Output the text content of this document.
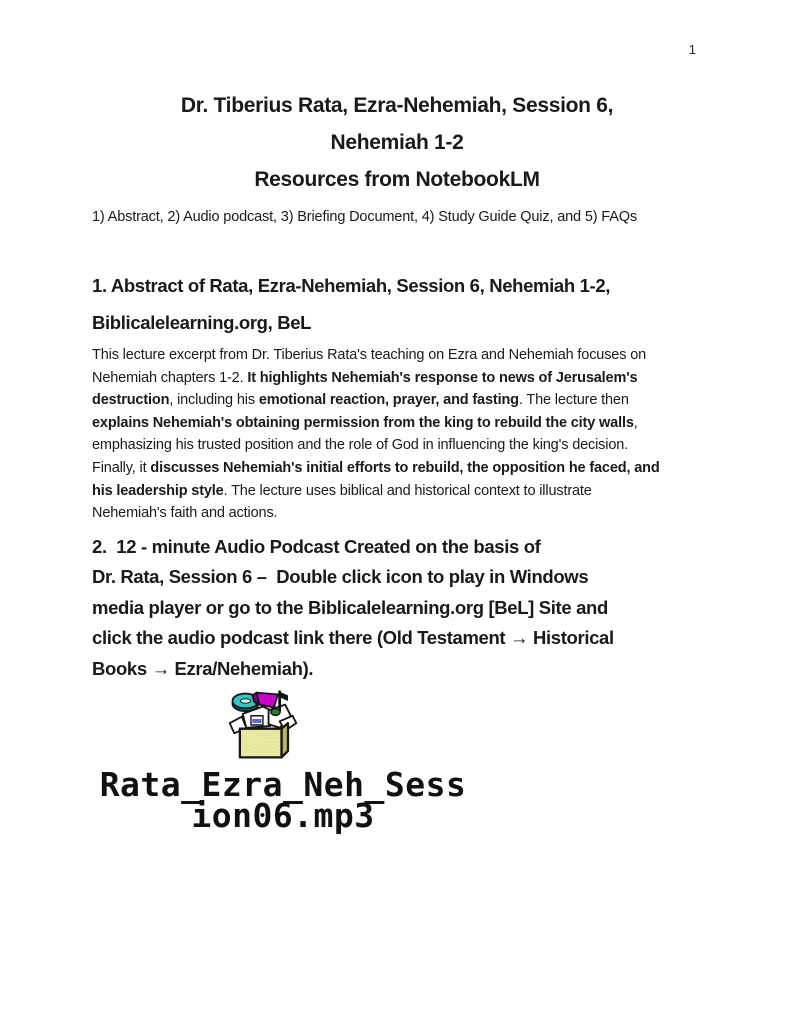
1
Dr. Tiberius Rata, Ezra-Nehemiah, Session 6,
Nehemiah 1-2
Resources from NotebookLM
1) Abstract, 2) Audio podcast, 3) Briefing Document, 4) Study Guide Quiz, and 5) FAQs
1. Abstract of Rata, Ezra-Nehemiah, Session 6, Nehemiah 1-2,
Biblicalelearning.org, BeL
This lecture excerpt from Dr. Tiberius Rata's teaching on Ezra and Nehemiah focuses on
Nehemiah chapters 1-2. It highlights Nehemiah's response to news of Jerusalem's
destruction, including his emotional reaction, prayer, and fasting. The lecture then
explains Nehemiah's obtaining permission from the king to rebuild the city walls,
emphasizing his trusted position and the role of God in influencing the king's decision.
Finally, it discusses Nehemiah's initial efforts to rebuild, the opposition he faced, and
his leadership style. The lecture uses biblical and historical context to illustrate
Nehemiah's faith and actions.
2.  12 - minute Audio Podcast Created on the basis of
Dr. Rata, Session 6 –  Double click icon to play in Windows
media player or go to the Biblicalelearning.org [BeL] Site and
click the audio podcast link there (Old Testament → Historical
Books → Ezra/Nehemiah).
Rata_Ezra_Neh_Sess
ion06.mp3
